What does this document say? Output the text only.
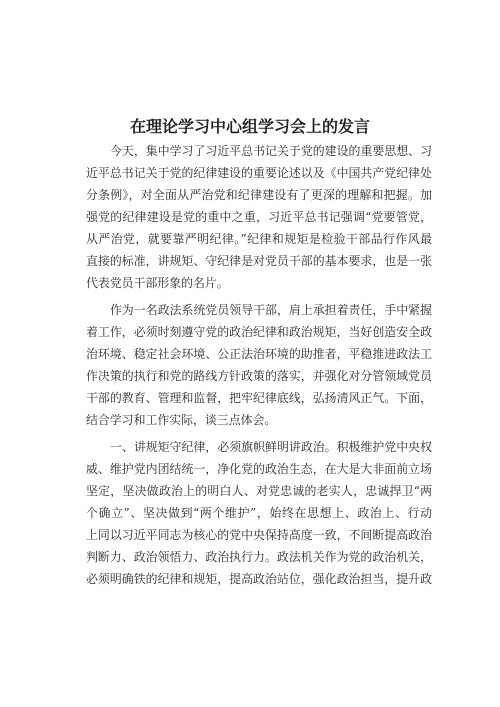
在理论学习中心组学习会上的发言
今天，集中学习了习近平总书记关于党的建设的重要思想、习
近平总书记关于党的纪律建设的重要论述以及《中国共产党纪律处
分条例》，对全面从严治党和纪律建设有了更深的理解和把握。加
强党的纪律建设是党的重中之重，习近平总书记强调“党要管党，
从严治党，就要靠严明纪律。”纪律和规矩是检验干部品行作风最
直接的标准，讲规矩、守纪律是对党员干部的基本要求，也是一张
代表党员干部形象的名片。
作为一名政法系统党员领导干部，肩上承担着责任，手中紧握
着工作，必须时刻遵守党的政治纪律和政治规矩，当好创造安全政
治环境、稳定社会环境、公正法治环境的助推者，平稳推进政法工
作决策的执行和党的路线方针政策的落实，并强化对分管领域党员
干部的教育、管理和监督，把牢纪律底线，弘扬清风正气。下面，
结合学习和工作实际，谈三点体会。
一、讲规矩守纪律，必须旗帜鲜明讲政治。积极维护党中央权
威、维护党内团结统一，净化党的政治生态，在大是大非面前立场
坚定，坚决做政治上的明白人、对党忠诚的老实人，忠诚捍卫“两
个确立”、坚决做到“两个维护”，始终在思想上、政治上、行动
上同以习近平同志为核心的党中央保持高度一致，不间断提高政治
判断力、政治领悟力、政治执行力。政法机关作为党的政治机关，
必须明确铁的纪律和规矩，提高政治站位，强化政治担当，提升政
